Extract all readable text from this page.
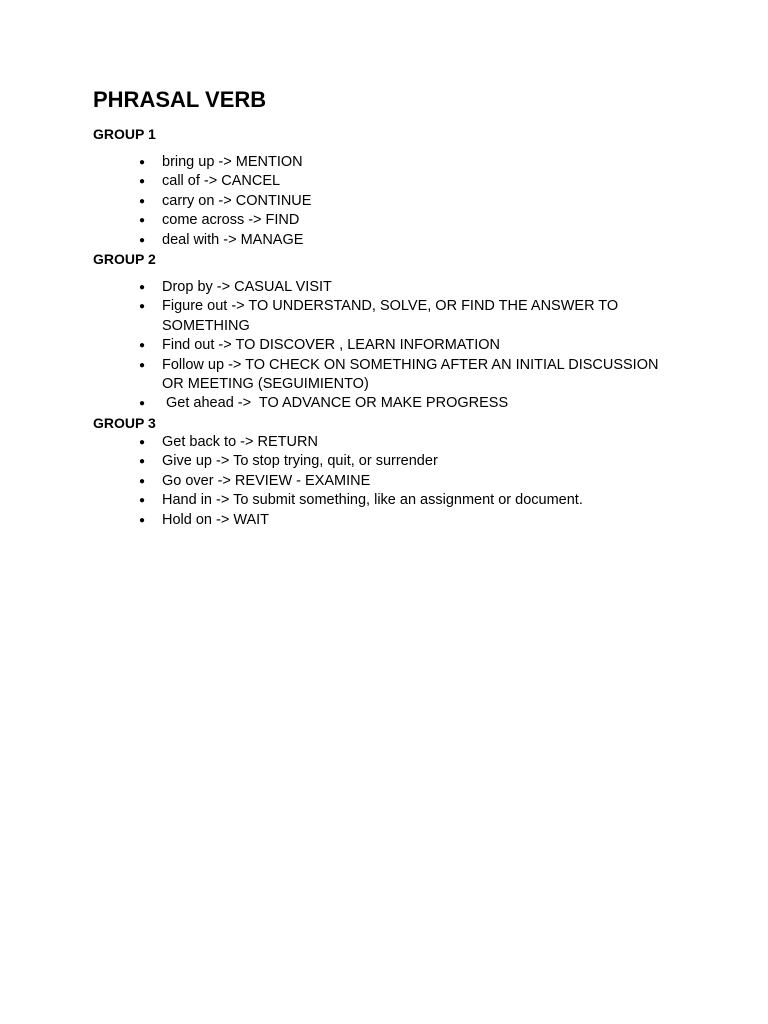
PHRASAL VERB
GROUP 1
● bring up -> MENTION
● call of -> CANCEL
● carry on -> CONTINUE
● come across -> FIND
● deal with -> MANAGE
GROUP 2
● Drop by -> CASUAL VISIT
● Figure out -> TO UNDERSTAND, SOLVE, OR FIND THE ANSWER TO SOMETHING
● Find out -> TO DISCOVER , LEARN INFORMATION
● Follow up -> TO CHECK ON SOMETHING AFTER AN INITIAL DISCUSSION OR MEETING (SEGUIMIENTO)
●  Get ahead ->  TO ADVANCE OR MAKE PROGRESS
GROUP 3
● Get back to -> RETURN
● Give up -> To stop trying, quit, or surrender
● Go over -> REVIEW - EXAMINE
● Hand in -> To submit something, like an assignment or document.
● Hold on -> WAIT
